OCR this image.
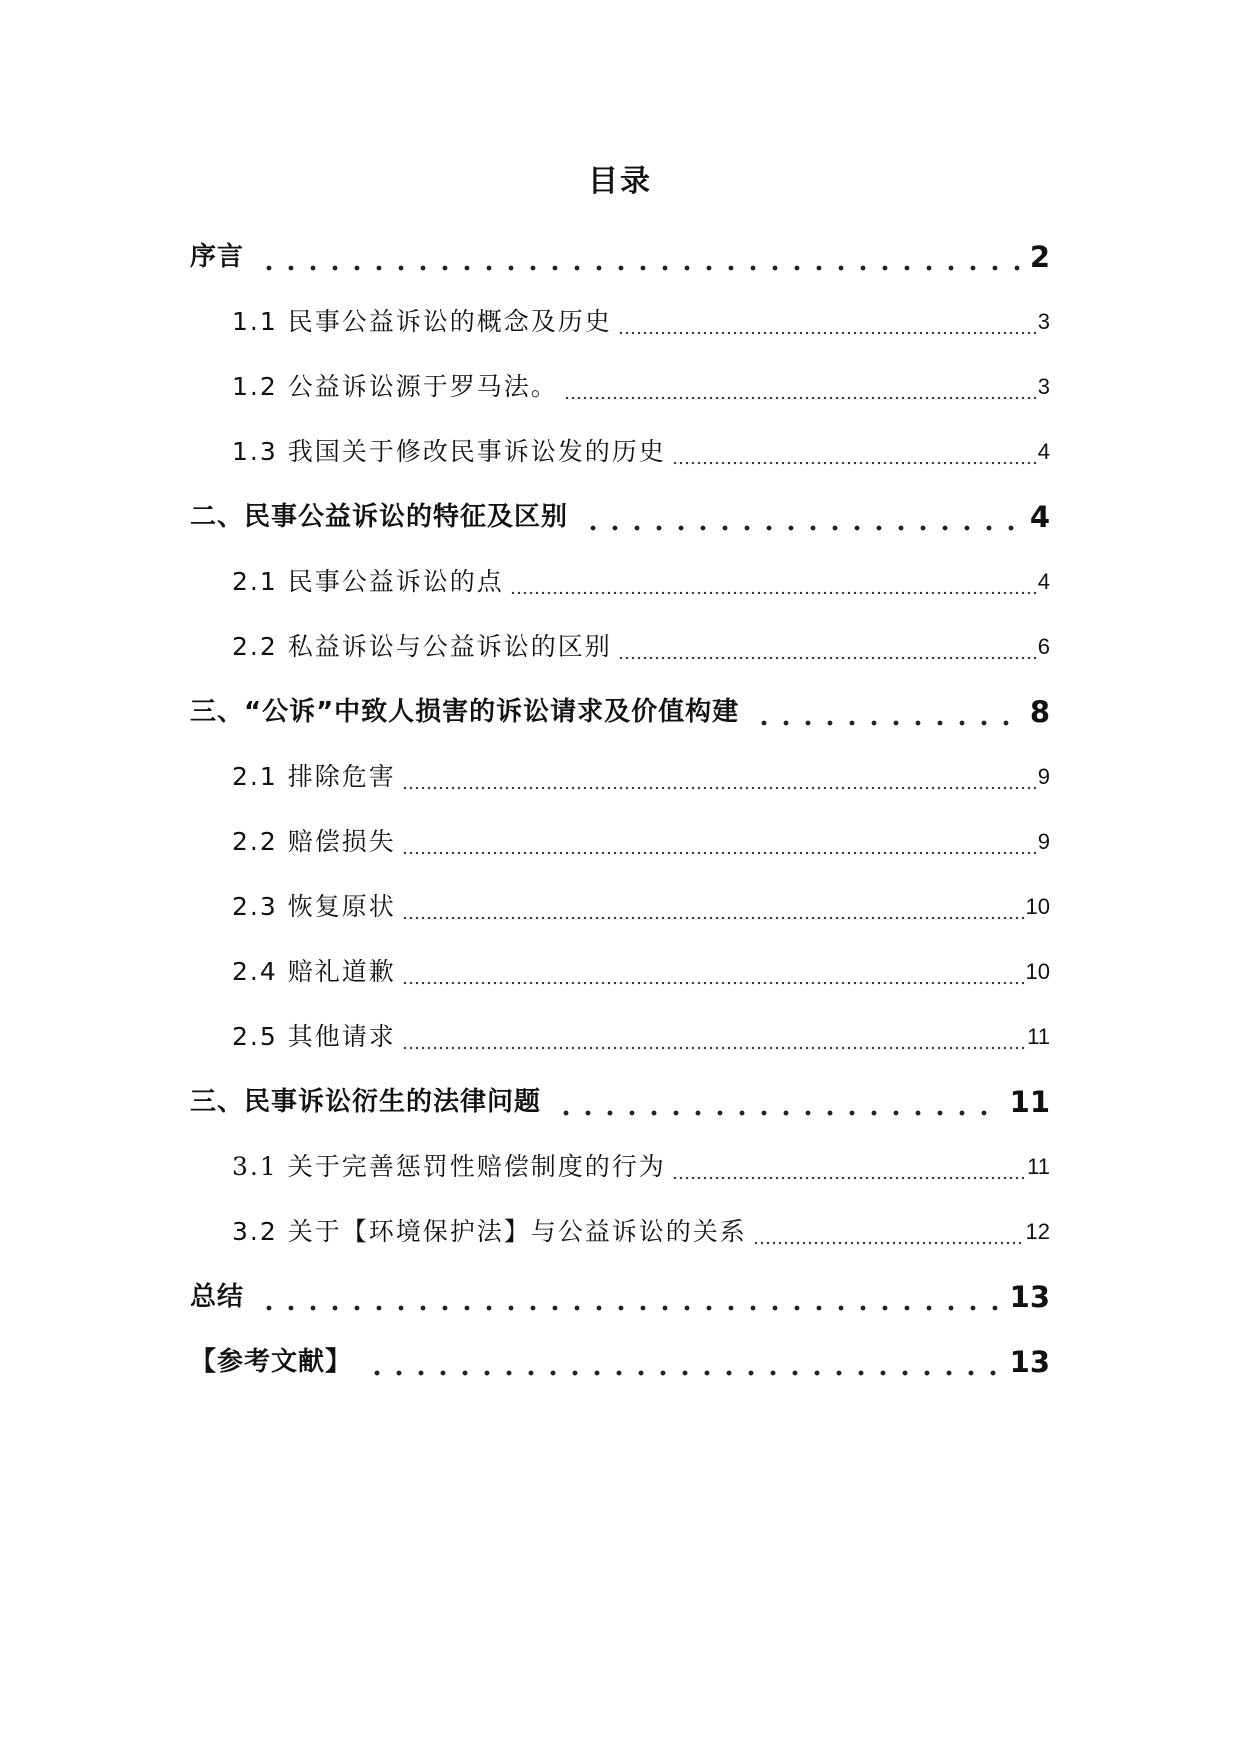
目录
序言	2
1.1 民事公益诉讼的概念及历史	3
1.2 公益诉讼源于罗马法。	3
1.3 我国关于修改民事诉讼发的历史	4
二、民事公益诉讼的特征及区别	4
2.1 民事公益诉讼的点	4
2.2 私益诉讼与公益诉讼的区别	6
三、“公诉”中致人损害的诉讼请求及价值构建	8
2.1 排除危害	9
2.2 赔偿损失	9
2.3 恢复原状	10
2.4 赔礼道歉	10
2.5 其他请求	11
三、民事诉讼衍生的法律问题	11
3.1 关于完善惩罚性赔偿制度的行为	11
3.2 关于【环境保护法】与公益诉讼的关系	12
总结	13
【参考文献】	13
